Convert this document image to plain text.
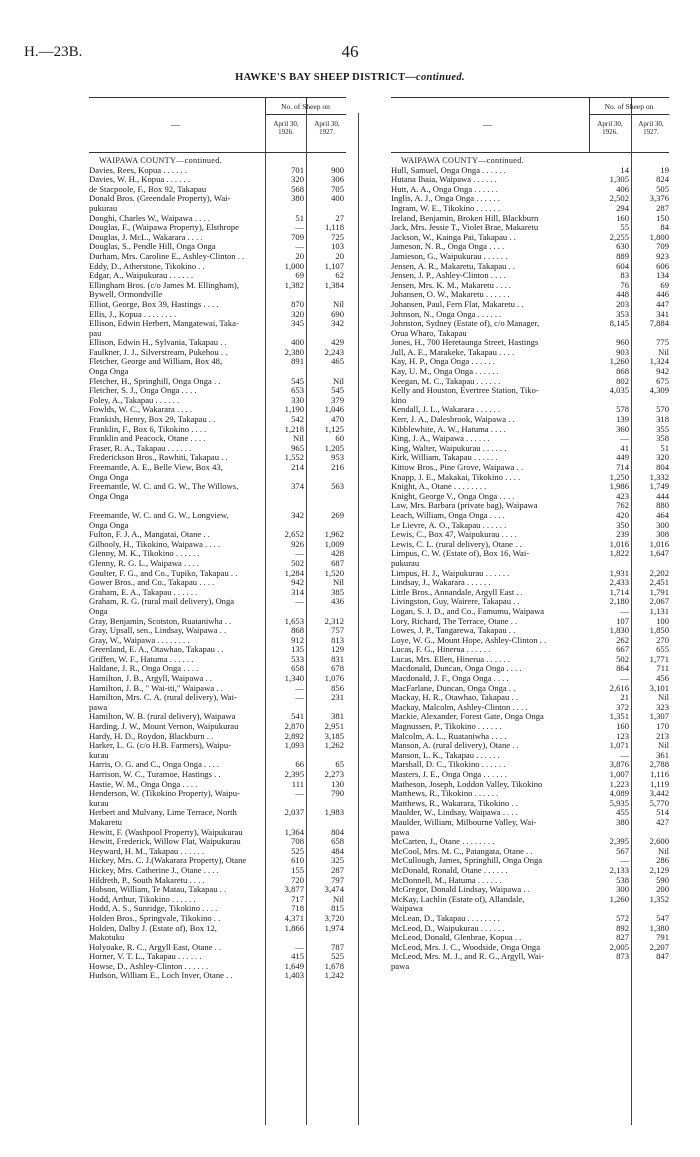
H.—23B.	46
HAWKE'S BAY SHEEP DISTRICT—continued.
—
No. of Sheep on
April 30, 1926.
April 30, 1927.
WAIPAWA COUNTY—continued.
Davies, Rees, Kopua . . . . . .	701	900
Davies, W. H., Kopua . . . . . .	320	306
de Stacpoole, F., Box 92, Takapau	568	705
Donald Bros. (Greendale Property), Wai-	380	400
pukurau
Donghi, Charles W., Waipawa . . . .	51	27
Douglas, F., (Waipawa Property), Elsthrope	— 1,118
Douglas, J. McL., Wakarara . . . .	709	725
Douglas, S., Pendle Hill, Onga Onga	—	103
Durham, Mrs. Caroline E., Ashley-Clinton . .	20	20
Eddy, D., Atherstone, Tikokino . .	1,000 1,107
Edgar, A., Waipukurau . . . . . .	69	62
Ellingham Bros. (c/o James M. Ellingham),	1,382 1,384
Bywell, Ormondville
Elliot, George, Box 39, Hastings . . . .	870	Nil
Ellis, J., Kopua . . . . . . . .	320	690
Ellison, Edwin Herbert, Mangatewai, Taka-	345	342
pau
Ellison, Edwin H., Sylvania, Takapau . .	400	429
Faulkner, J. J., Silverstream, Pukehou . .	2,380 2,243
Fletcher, George and William, Box 48,	891	465
Onga Onga
Fletcher, H., Springhill, Onga Onga . .	545	Nil
Fletcher, S. J., Onga Onga . . . .	653	545
Foley, A., Takapau . . . . . .	330	379
Fowlds, W. C., Wakarara . . . .	1,190 1,046
Frankish, Henry, Box 29, Takapau . .	542	470
Franklin, F., Box 6, Tikokino . . . .	1,218 1,125
Franklin and Peacock, Otane . . . .	Nil	60
Fraser, R. A., Takapau . . . . . .	965 1,205
Frederickson Bros., Rawhiti, Takapau . .	1,552	953
Freemantle, A. E., Belle View, Box 43,	214	216
Onga Onga
Freemantle, W. C. and G. W., The Willows,	374	563
Onga Onga
Freemantle, W. C. and G. W., Longview,	342	269
Onga Onga
Fulton, F. J. A., Mangatai, Otane . .	2,652 1,962
Gilhooly, H., Tikokino, Waipawa . . . .	926 1,009
Glenny, M. K., Tikokino . . . . . .	—	428
Glenny, R. G. L., Waipawa . . . .	502	687
Goulter, F. G., and Co., Tupiko, Takapau . .	1,284 1,520
Gower Bros., and Co., Takapau . . . .	942	Nil
Graham, E. A., Takapau . . . . . .	314	385
Graham, R. G. (rural mail delivery), Onga	—	436
Onga
Gray, Benjamin, Scotston, Ruataniwha . .	1,653 2,312
Gray, Upsall, sen., Lindsay, Waipawa . .	868	757
Gray, W., Waipawa . . . . . . . .	912	813
Greenland, E. A., Otawhao, Takapau . .	135	129
Griffen, W. F., Hatuma . . . . . .	533	831
Haldane, J. R., Onga Onga . . . .	658	678
Hamilton, J. B., Argyll, Waipawa . .	1,340 1,076
Hamilton, J. B., " Wai-iti," Waipawa . .	—	856
Hamilton, Mrs. C. A. (rural delivery), Wai-	—	231
pawa
Hamilton, W. B. (rural delivery), Waipawa	541	381
Harding, J. W., Mount Vernon, Waipukurau	2,870 2,951
Hardy, H. D., Roydon, Blackburn . .	2,892 3,185
Harker, L. G. (c/o H.B. Farmers), Waipu-	1,093 1,262
kurau
Harris, O. G. and C., Onga Onga . . . .	66	65
Harrison, W. C., Turamoe, Hastings . .	2,395 2,273
Hastie, W. M., Onga Onga . . . .	111	130
Henderson, W. (Tikokino Property), Waipu-	—	790
kurau
Herbert and Mulvany, Lime Terrace, North	2,037 1,983
Makaretu
Hewitt, F. (Washpool Property), Waipukurau	1,364	804
Hewitt, Frederick, Willow Flat, Waipukurau	708	658
Heyward, H. M., Takapau . . . . . .	525	484
Hickey, Mrs. C. J.(Wakarara Property), Otane	610	325
Hickey, Mrs. Catherine J., Otane . . . .	155	287
Hildreth, P., South Makaretu . . . .	720	797
Hobson, William, Te Matau, Takapau . .	3,877 3,474
Hodd, Arthur, Tikokino . . . . . .	717	Nil
Hodd, A. S., Sunridge, Tikokino . . . .	718	815
Holden Bros., Springvale, Tikokino . .	4,371 3,720
Holden, Dalby J. (Estate of), Box 12,	1,866 1,974
Makotuku
Holyoake, R. C., Argyll East, Otane . .	—	787
Horner, V. T. L., Takapau . . . . . .	415	525
Howse, D., Ashley-Clinton . . . . . .	1,649 1,678
Hudson, William E., Loch Inver, Otane . .	1,403 1,242
—
No. of Sheep on
April 30, 1926.
April 30, 1927.
WAIPAWA COUNTY—continued.
Hull, Samuel, Onga Onga . . . . . .	14	19
Hutana Ihaia, Waipawa . . . . . .	1,305	824
Hutt, A. A., Onga Onga . . . . . .	406	505
Inglis, A. J., Onga Onga . . . . . .	2,502 3,376
Ingram, W. E., Tikokino . . . . . .	294	287
Ireland, Benjamin, Broken Hill, Blackburn	160	150
Jack, Mrs. Jessie T., Violet Brae, Makaretu	55	84
Jackson, W., Kainga Pai, Takapau . .	2,255 1,800
Jameson, N. R., Onga Onga . . . .	630	709
Jamieson, G., Waipukurau . . . . . .	889	923
Jensen, A. R., Makaretu, Takapau . .	604	606
Jensen, J. P., Ashley-Clinton . . . .	83	134
Jensen, Mrs. K. M., Makaretu . . . .	76	69
Johansen, O. W., Makaretu . . . . . .	448	446
Johansen, Paul, Fern Flat, Makaretu . .	203	447
Johnson, N., Onga Onga . . . . . .	353	341
Johnston, Sydney (Estate of), c/o Manager,	8,145 7,884
Orua Wharo, Takapau
Jones, H., 700 Heretaunga Street, Hastings	960	775
Jull, A. E., Marakeke, Takapau . . . .	903	Nil
Kay, H. P., Onga Onga . . . . . .	1,260 1,324
Kay, U. M., Onga Onga . . . . . .	868	942
Keegan, M. C., Takapau . . . . . .	802	675
Kelly and Houston, Evertree Station, Tiko-	4,035 4,309
kino
Kendall, J. L., Wakarara . . . . . .	578	570
Kerr, J. A., Dalesbrook, Waipawa . .	139	318
Kibblewhite, A. W., Hatuma . . . .	360	355
King, J. A., Waipawa . . . . . .	—	358
King, Walter, Waipukurau . . . . . .	41	51
Kirk, William, Takapau . . . . . .	449	320
Kittow Bros., Pine Grove, Waipawa . .	714	804
Knapp, J. E., Makakai, Tikokino . . . .	1,250 1,332
Knight, A., Otane . . . . . . . .	1,986 1,749
Knight, George V., Onga Onga . . . .	423	444
Law, Mrs. Barbara (private bag), Waipawa	762	880
Leach, William, Onga Onga . . . .	420	464
Le Lievre, A. O., Takapau . . . . . .	350	300
Lewis, C., Box 47, Waipukurau . . . .	239	308
Lewis, C. L. (rural delivery), Otane . .	1,016 1,016
Limpus, C. W. (Estate of), Box 16, Wai-	1,822 1,647
pukurau
Limpus, H. J., Waipukurau . . . . . .	1,931 2,202
Lindsay, J., Wakarara . . . . . .	2,433 2,451
Little Bros., Annandale, Argyll East . .	1,714 1,791
Livingston, Guy, Wairere, Takapau . .	2,180 2,067
Logan, S. J. D., and Co., Famumu, Waipawa	— 1,131
Lory, Richard, The Terrace, Otane . .	107	100
Lowes, J. P., Tangarewa, Takapau . .	1,830 1,850
Loye, W. G., Mount Hope, Ashley-Clinton . .	262	270
Lucas, F. G., Hinerua . . . . . .	667	655
Lucas, Mrs. Ellen, Hinerua . . . . . .	502 1,771
Macdonald, Duncan, Onga Onga . . . .	864	711
Macdonald, J. F., Onga Onga . . . .	—	456
MacFarlane, Duncan, Onga Onga . .	2,616 3,101
Mackay, H. R., Otawhao, Takapau . .	21	Nil
Mackay, Malcolm, Ashley-Clinton . . . .	372	323
Mackie, Alexander, Forest Gate, Onga Onga	1,351 1,307
Magnussen, P., Tikokino . . . . . .	160	170
Malcolm, A. L., Ruataniwha . . . .	123	213
Manson, A. (rural delivery), Otane . .	1,071	Nil
Manson, L. K., Takapau . . . . . .	—	361
Marshall, D. C., Tikokino . . . . . .	3,876 2,788
Masters, J. E., Onga Onga . . . . . .	1,007 1,116
Matheson, Joseph, Loddon Valley, Tikokino	1,223 1,119
Matthews, R., Tikokino . . . . . .	4,089 3,442
Matthews, R., Wakarara, Tikokino . .	5,935 5,770
Maulder, W., Lindsay, Waipawa . . . .	455	514
Maulder, William, Milbourne Valley, Wai-	380	427
pawa
McCarten, J., Otane . . . . . . . .	2,395 2,600
McCool, Mrs. M. C., Patangata, Otane . .	567	Nil
McCullough, James, Springhill, Onga Onga	—	286
McDonald, Ronald, Otane . . . . . .	2,133 2,129
McDonnell, M., Hatuma . . . . . .	538	590
McGregor, Donald Lindsay, Waipawa . .	300	200
McKay, Lachlin (Estate of), Allandale,	1,260 1,352
Waipawa
McLean, D., Takapau . . . . . . . .	572	547
McLeod, D., Waipukurau . . . . . .	892 1,380
McLeod, Donald, Glenbrae, Kopua . .	827	791
McLeod, Mrs. J. C., Woodside, Onga Onga	2,005 2,207
McLeod, Mrs. M. J., and R. G., Argyll, Wai-	873	847
pawa
